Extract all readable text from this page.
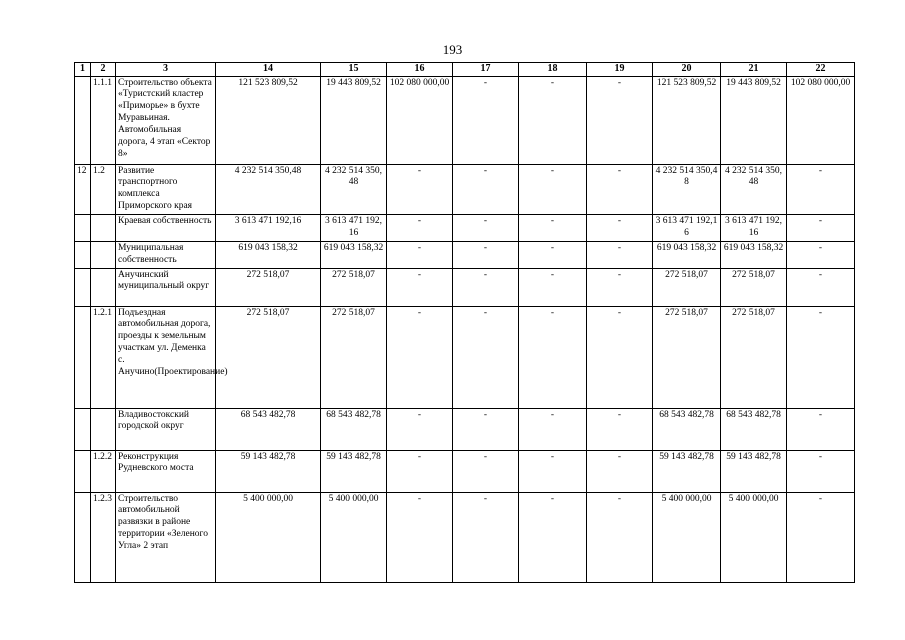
193
1	2	3	14	15	16	17	18	19	20	21	22
	1.1.1	Строительство объекта «Туристский кластер «Приморье» в бухте Муравьиная. Автомобильная дорога, 4 этап «Сектор 8»	121 523 809,52	19 443 809,52	102 080 000,00	-	-	-	121 523 809,52	19 443 809,52	102 080 000,00
12	1.2	Развитие транспортного комплекса Приморского края	4 232 514 350,48	4 232 514 350,48	-	-	-	-	4 232 514 350,48	4 232 514 350,48	-
		Краевая собственность	3 613 471 192,16	3 613 471 192,16	-	-	-	-	3 613 471 192,16	3 613 471 192,16	-
		Муниципальная собственность	619 043 158,32	619 043 158,32	-	-	-	-	619 043 158,32	619 043 158,32	-
		Анучинский муниципальный округ	272 518,07	272 518,07	-	-	-	-	272 518,07	272 518,07	-
	1.2.1	Подъездная автомобильная дорога, проезды к земельным участкам ул. Деменка с. Анучино(Проектирование)	272 518,07	272 518,07	-	-	-	-	272 518,07	272 518,07	-
		Владивостокский городской округ	68 543 482,78	68 543 482,78	-	-	-	-	68 543 482,78	68 543 482,78	-
	1.2.2	Реконструкция Рудневского моста	59 143 482,78	59 143 482,78	-	-	-	-	59 143 482,78	59 143 482,78	-
	1.2.3	Строительство автомобильной развязки в районе территории «Зеленого Угла» 2 этап	5 400 000,00	5 400 000,00	-	-	-	-	5 400 000,00	5 400 000,00	-
